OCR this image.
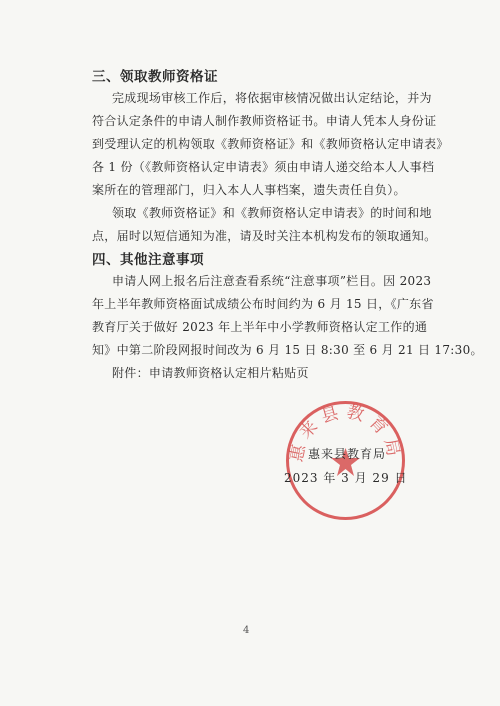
三、领取教师资格证
完成现场审核工作后，将依据审核情况做出认定结论，并为
符合认定条件的申请人制作教师资格证书。申请人凭本人身份证
到受理认定的机构领取《教师资格证》和《教师资格认定申请表》
各 1 份（《教师资格认定申请表》须由申请人递交给本人人事档
案所在的管理部门，归入本人人事档案，遗失责任自负）。
领取《教师资格证》和《教师资格认定申请表》的时间和地
点，届时以短信通知为准，请及时关注本机构发布的领取通知。
四、其他注意事项
申请人网上报名后注意查看系统“注意事项”栏目。因 2023
年上半年教师资格面试成绩公布时间约为 6 月 15 日，《广东省
教育厅关于做好 2023 年上半年中小学教师资格认定工作的通
知》中第二阶段网报时间改为 6 月 15 日 8:30 至 6 月 21 日 17:30。
附件：申请教师资格认定相片粘贴页
惠来县教育局
惠来县教育局
2023 年 3 月 29 日
4
